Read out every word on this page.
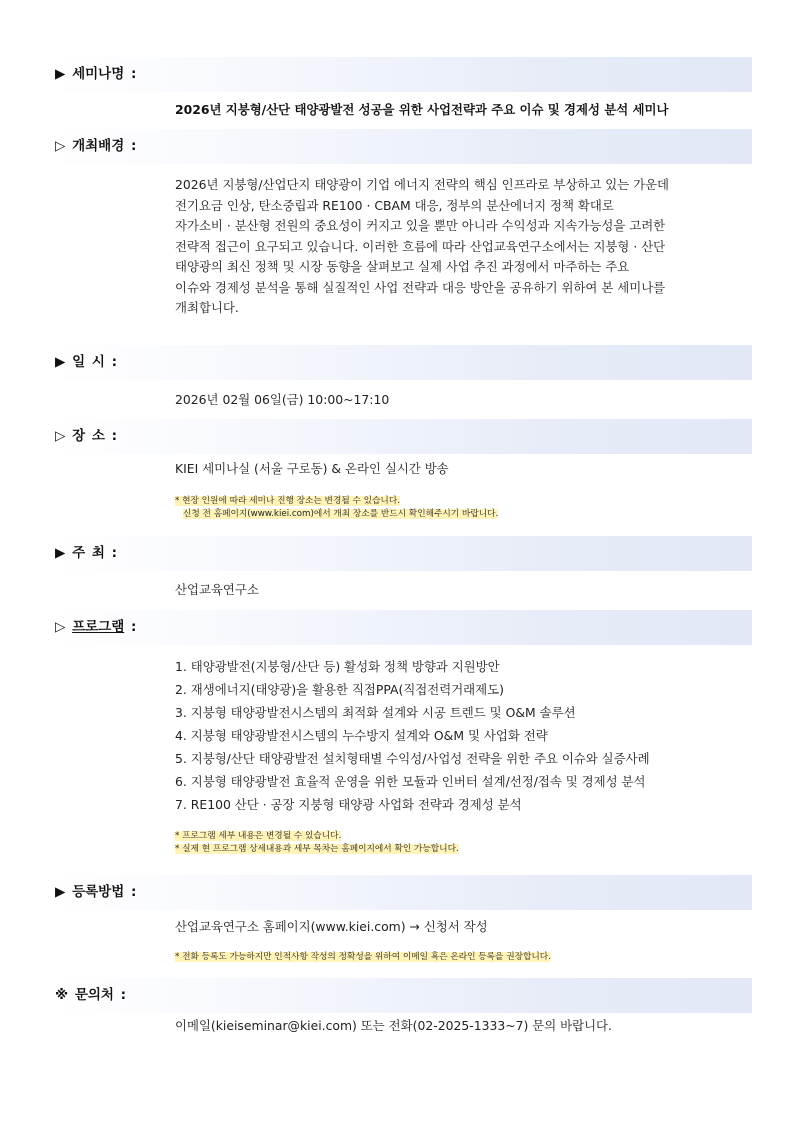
▶ 세미나명 :
2026년 지붕형/산단 태양광발전 성공을 위한 사업전략과 주요 이슈 및 경제성 분석 세미나
▷ 개최배경 :
2026년 지붕형/산업단지 태양광이 기업 에너지 전략의 핵심 인프라로 부상하고 있는 가운데
전기요금 인상, 탄소중립과 RE100 · CBAM 대응, 정부의 분산에너지 정책 확대로
자가소비 · 분산형 전원의 중요성이 커지고 있을 뿐만 아니라 수익성과 지속가능성을 고려한
전략적 접근이 요구되고 있습니다. 이러한 흐름에 따라 산업교육연구소에서는 지붕형 · 산단
태양광의 최신 정책 및 시장 동향을 살펴보고 실제 사업 추진 과정에서 마주하는 주요
이슈와 경제성 분석을 통해 실질적인 사업 전략과 대응 방안을 공유하기 위하여 본 세미나를
개최합니다.
▶ 일 시 :
2026년 02월 06일(금) 10:00~17:10
▷ 장 소 :
KIEI 세미나실 (서울 구로동) & 온라인 실시간 방송
* 현장 인원에 따라 세미나 진행 장소는 변경될 수 있습니다.
신청 전 홈페이지(www.kiei.com)에서 개최 장소를 반드시 확인해주시기 바랍니다.
▶ 주 최 :
산업교육연구소
▷ 프로그램 :
1. 태양광발전(지붕형/산단 등) 활성화 정책 방향과 지원방안
2. 재생에너지(태양광)을 활용한 직접PPA(직접전력거래제도)
3. 지붕형 태양광발전시스템의 최적화 설계와 시공 트렌드 및 O&M 솔루션
4. 지붕형 태양광발전시스템의 누수방지 설계와 O&M 및 사업화 전략
5. 지붕형/산단 태양광발전 설치형태별 수익성/사업성 전략을 위한 주요 이슈와 실증사례
6. 지붕형 태양광발전 효율적 운영을 위한 모듈과 인버터 설계/선정/접속 및 경제성 분석
7. RE100 산단 · 공장 지붕형 태양광 사업화 전략과 경제성 분석
* 프로그램 세부 내용은 변경될 수 있습니다.
* 실제 현 프로그램 상세내용과 세부 목차는 홈페이지에서 확인 가능합니다.
▶ 등록방법 :
산업교육연구소 홈페이지(www.kiei.com) → 신청서 작성
* 전화 등록도 가능하지만 인적사항 작성의 정확성을 위하여 이메일 혹은 온라인 등록을 권장합니다.
※ 문의처 :
이메일(kieiseminar@kiei.com) 또는 전화(02-2025-1333~7) 문의 바랍니다.
